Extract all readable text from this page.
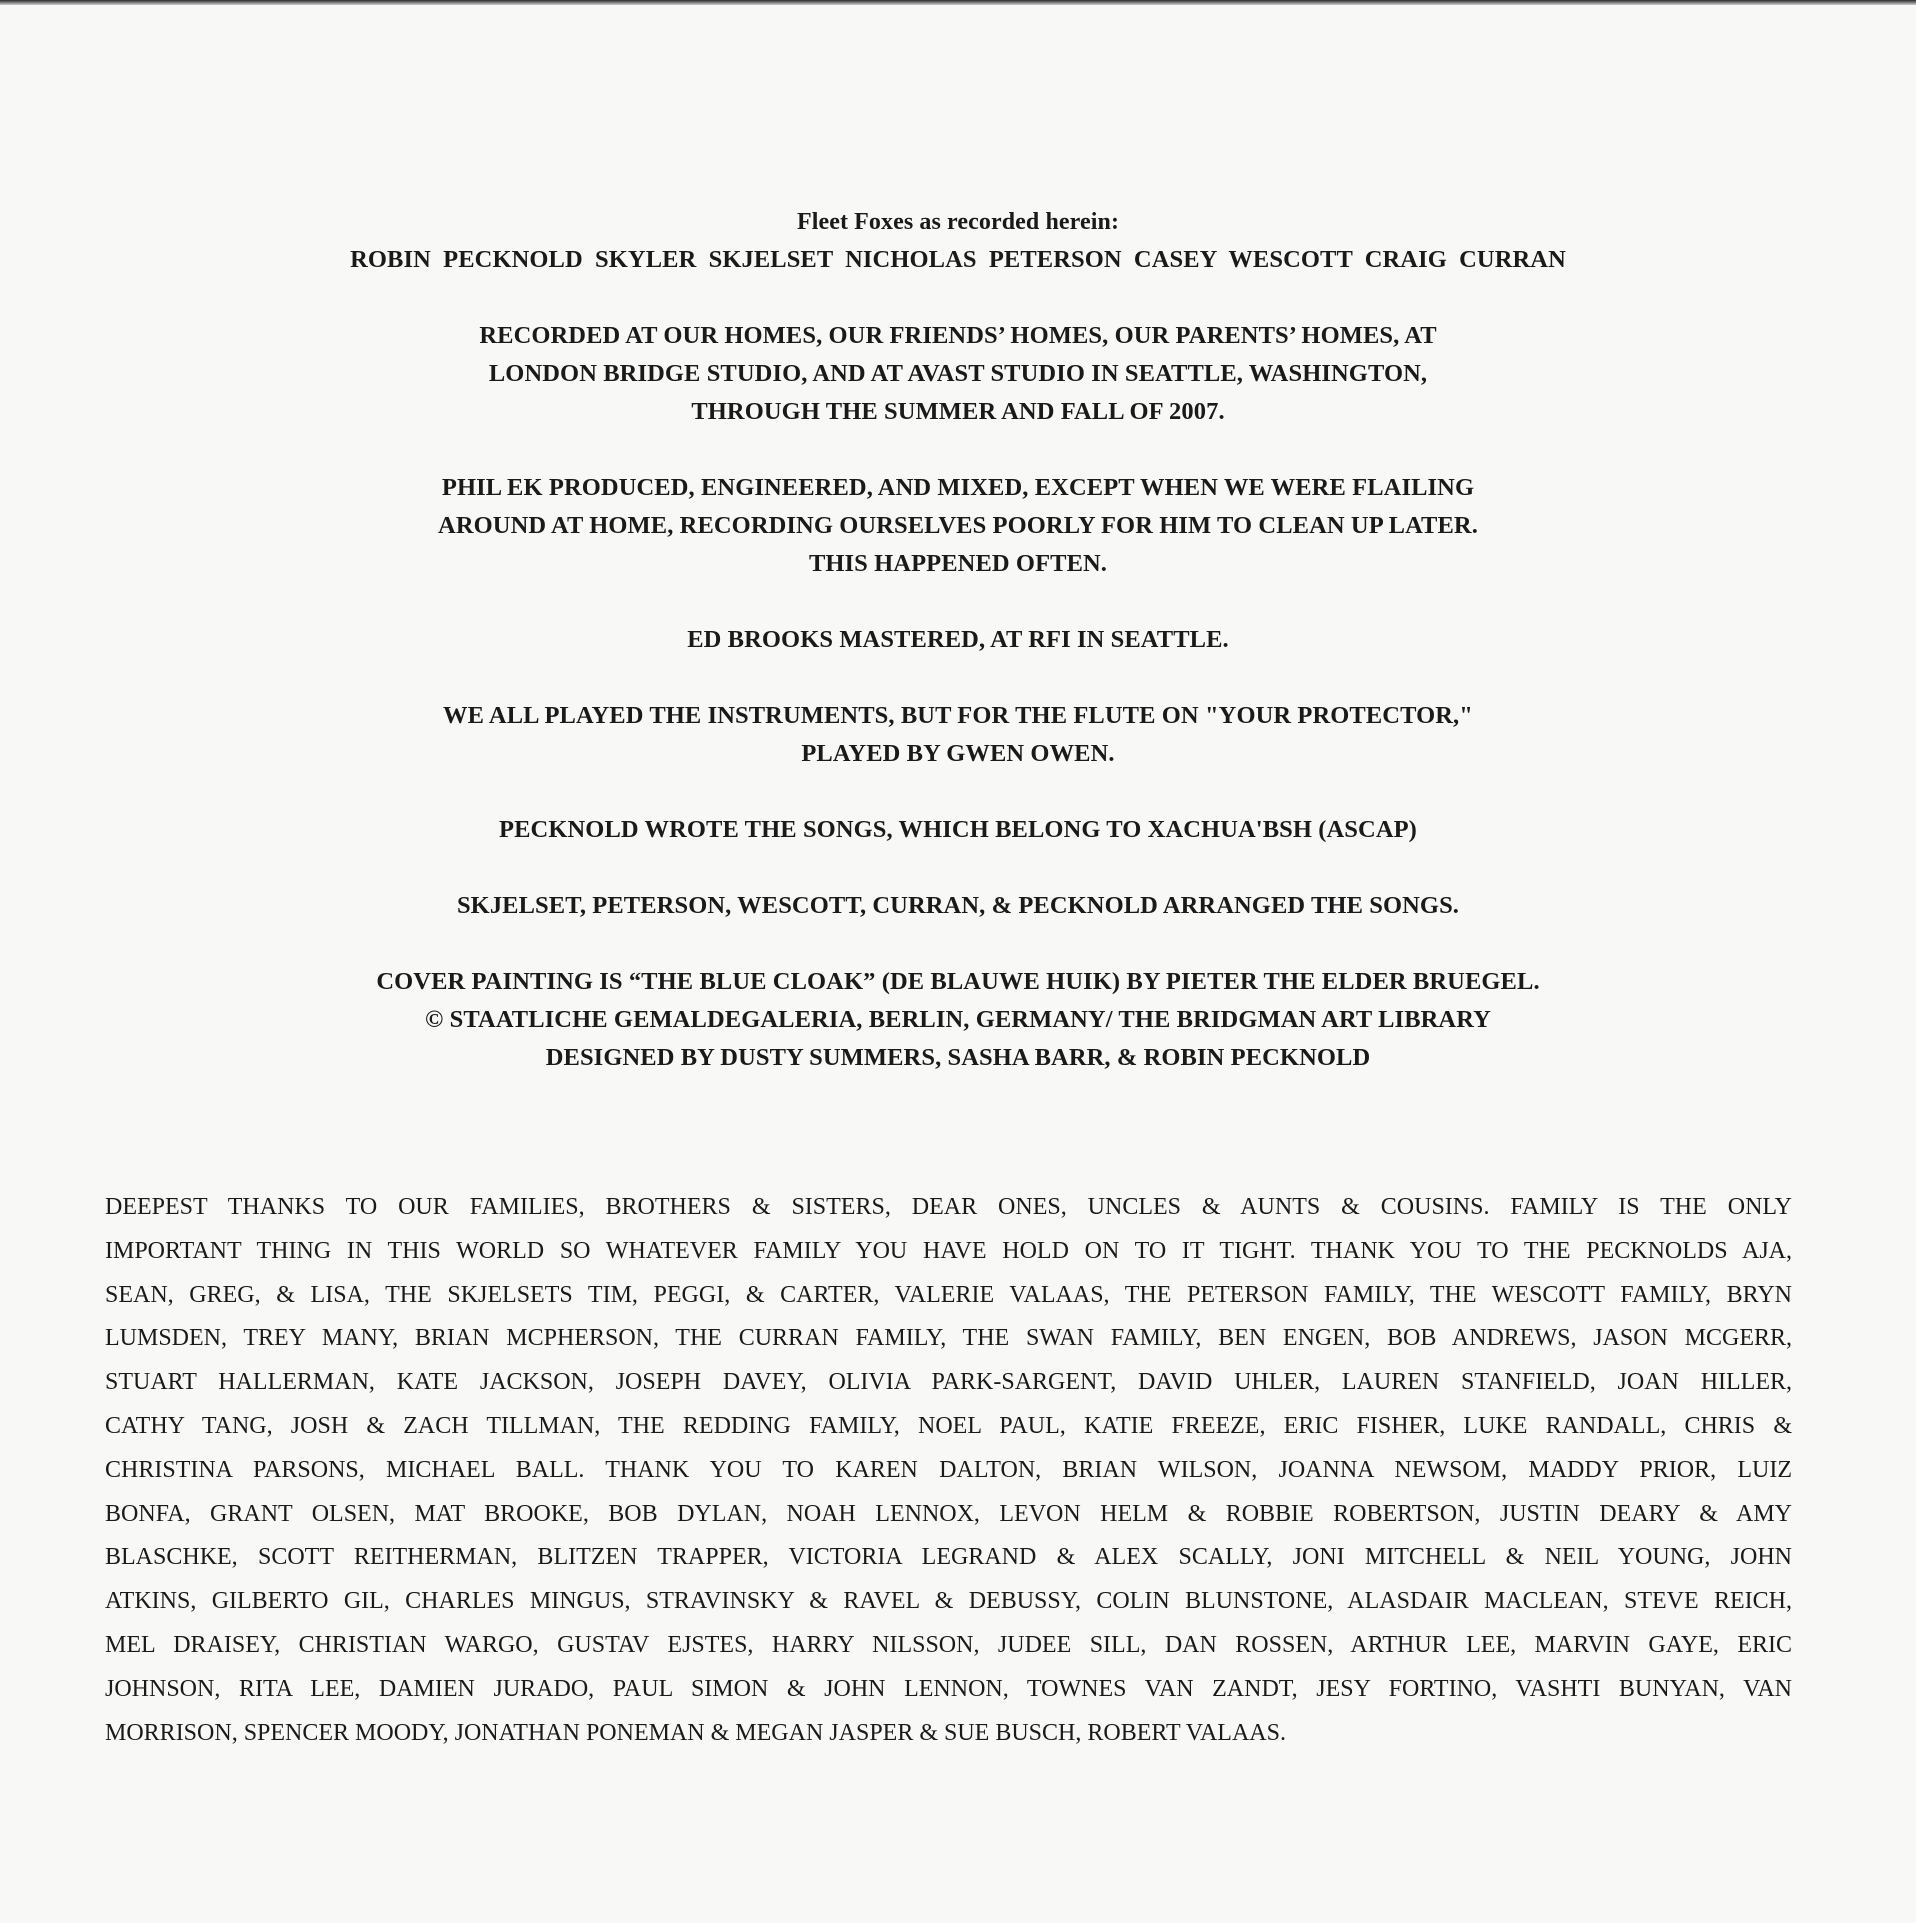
Fleet Foxes as recorded herein:
ROBIN PECKNOLD SKYLER SKJELSET NICHOLAS PETERSON CASEY WESCOTT CRAIG CURRAN
RECORDED AT OUR HOMES, OUR FRIENDS’ HOMES, OUR PARENTS’ HOMES, AT
LONDON BRIDGE STUDIO, AND AT AVAST STUDIO IN SEATTLE, WASHINGTON,
THROUGH THE SUMMER AND FALL OF 2007.
PHIL EK PRODUCED, ENGINEERED, AND MIXED, EXCEPT WHEN WE WERE FLAILING
AROUND AT HOME, RECORDING OURSELVES POORLY FOR HIM TO CLEAN UP LATER.
THIS HAPPENED OFTEN.
ED BROOKS MASTERED, AT RFI IN SEATTLE.
WE ALL PLAYED THE INSTRUMENTS, BUT FOR THE FLUTE ON "YOUR PROTECTOR,"
PLAYED BY GWEN OWEN.
PECKNOLD WROTE THE SONGS, WHICH BELONG TO XACHUA'BSH (ASCAP)
SKJELSET, PETERSON, WESCOTT, CURRAN, & PECKNOLD ARRANGED THE SONGS.
COVER PAINTING IS “THE BLUE CLOAK” (DE BLAUWE HUIK) BY PIETER THE ELDER BRUEGEL.
© STAATLICHE GEMALDEGALERIA, BERLIN, GERMANY/ THE BRIDGMAN ART LIBRARY
DESIGNED BY DUSTY SUMMERS, SASHA BARR, & ROBIN PECKNOLD
DEEPEST THANKS TO OUR FAMILIES, BROTHERS & SISTERS, DEAR ONES, UNCLES & AUNTS & COUSINS. FAMILY IS THE ONLY
IMPORTANT THING IN THIS WORLD SO WHATEVER FAMILY YOU HAVE HOLD ON TO IT TIGHT. THANK YOU TO THE PECKNOLDS AJA,
SEAN, GREG, & LISA, THE SKJELSETS TIM, PEGGI, & CARTER, VALERIE VALAAS, THE PETERSON FAMILY, THE WESCOTT FAMILY, BRYN
LUMSDEN, TREY MANY, BRIAN MCPHERSON, THE CURRAN FAMILY, THE SWAN FAMILY, BEN ENGEN, BOB ANDREWS, JASON MCGERR,
STUART HALLERMAN, KATE JACKSON, JOSEPH DAVEY, OLIVIA PARK-SARGENT, DAVID UHLER, LAUREN STANFIELD, JOAN HILLER,
CATHY TANG, JOSH & ZACH TILLMAN, THE REDDING FAMILY, NOEL PAUL, KATIE FREEZE, ERIC FISHER, LUKE RANDALL, CHRIS &
CHRISTINA PARSONS, MICHAEL BALL. THANK YOU TO KAREN DALTON, BRIAN WILSON, JOANNA NEWSOM, MADDY PRIOR, LUIZ
BONFA, GRANT OLSEN, MAT BROOKE, BOB DYLAN, NOAH LENNOX, LEVON HELM & ROBBIE ROBERTSON, JUSTIN DEARY & AMY
BLASCHKE, SCOTT REITHERMAN, BLITZEN TRAPPER, VICTORIA LEGRAND & ALEX SCALLY, JONI MITCHELL & NEIL YOUNG, JOHN
ATKINS, GILBERTO GIL, CHARLES MINGUS, STRAVINSKY & RAVEL & DEBUSSY, COLIN BLUNSTONE, ALASDAIR MACLEAN, STEVE REICH,
MEL DRAISEY, CHRISTIAN WARGO, GUSTAV EJSTES, HARRY NILSSON, JUDEE SILL, DAN ROSSEN, ARTHUR LEE, MARVIN GAYE, ERIC
JOHNSON, RITA LEE, DAMIEN JURADO, PAUL SIMON & JOHN LENNON, TOWNES VAN ZANDT, JESY FORTINO, VASHTI BUNYAN, VAN
MORRISON, SPENCER MOODY, JONATHAN PONEMAN & MEGAN JASPER & SUE BUSCH, ROBERT VALAAS.
